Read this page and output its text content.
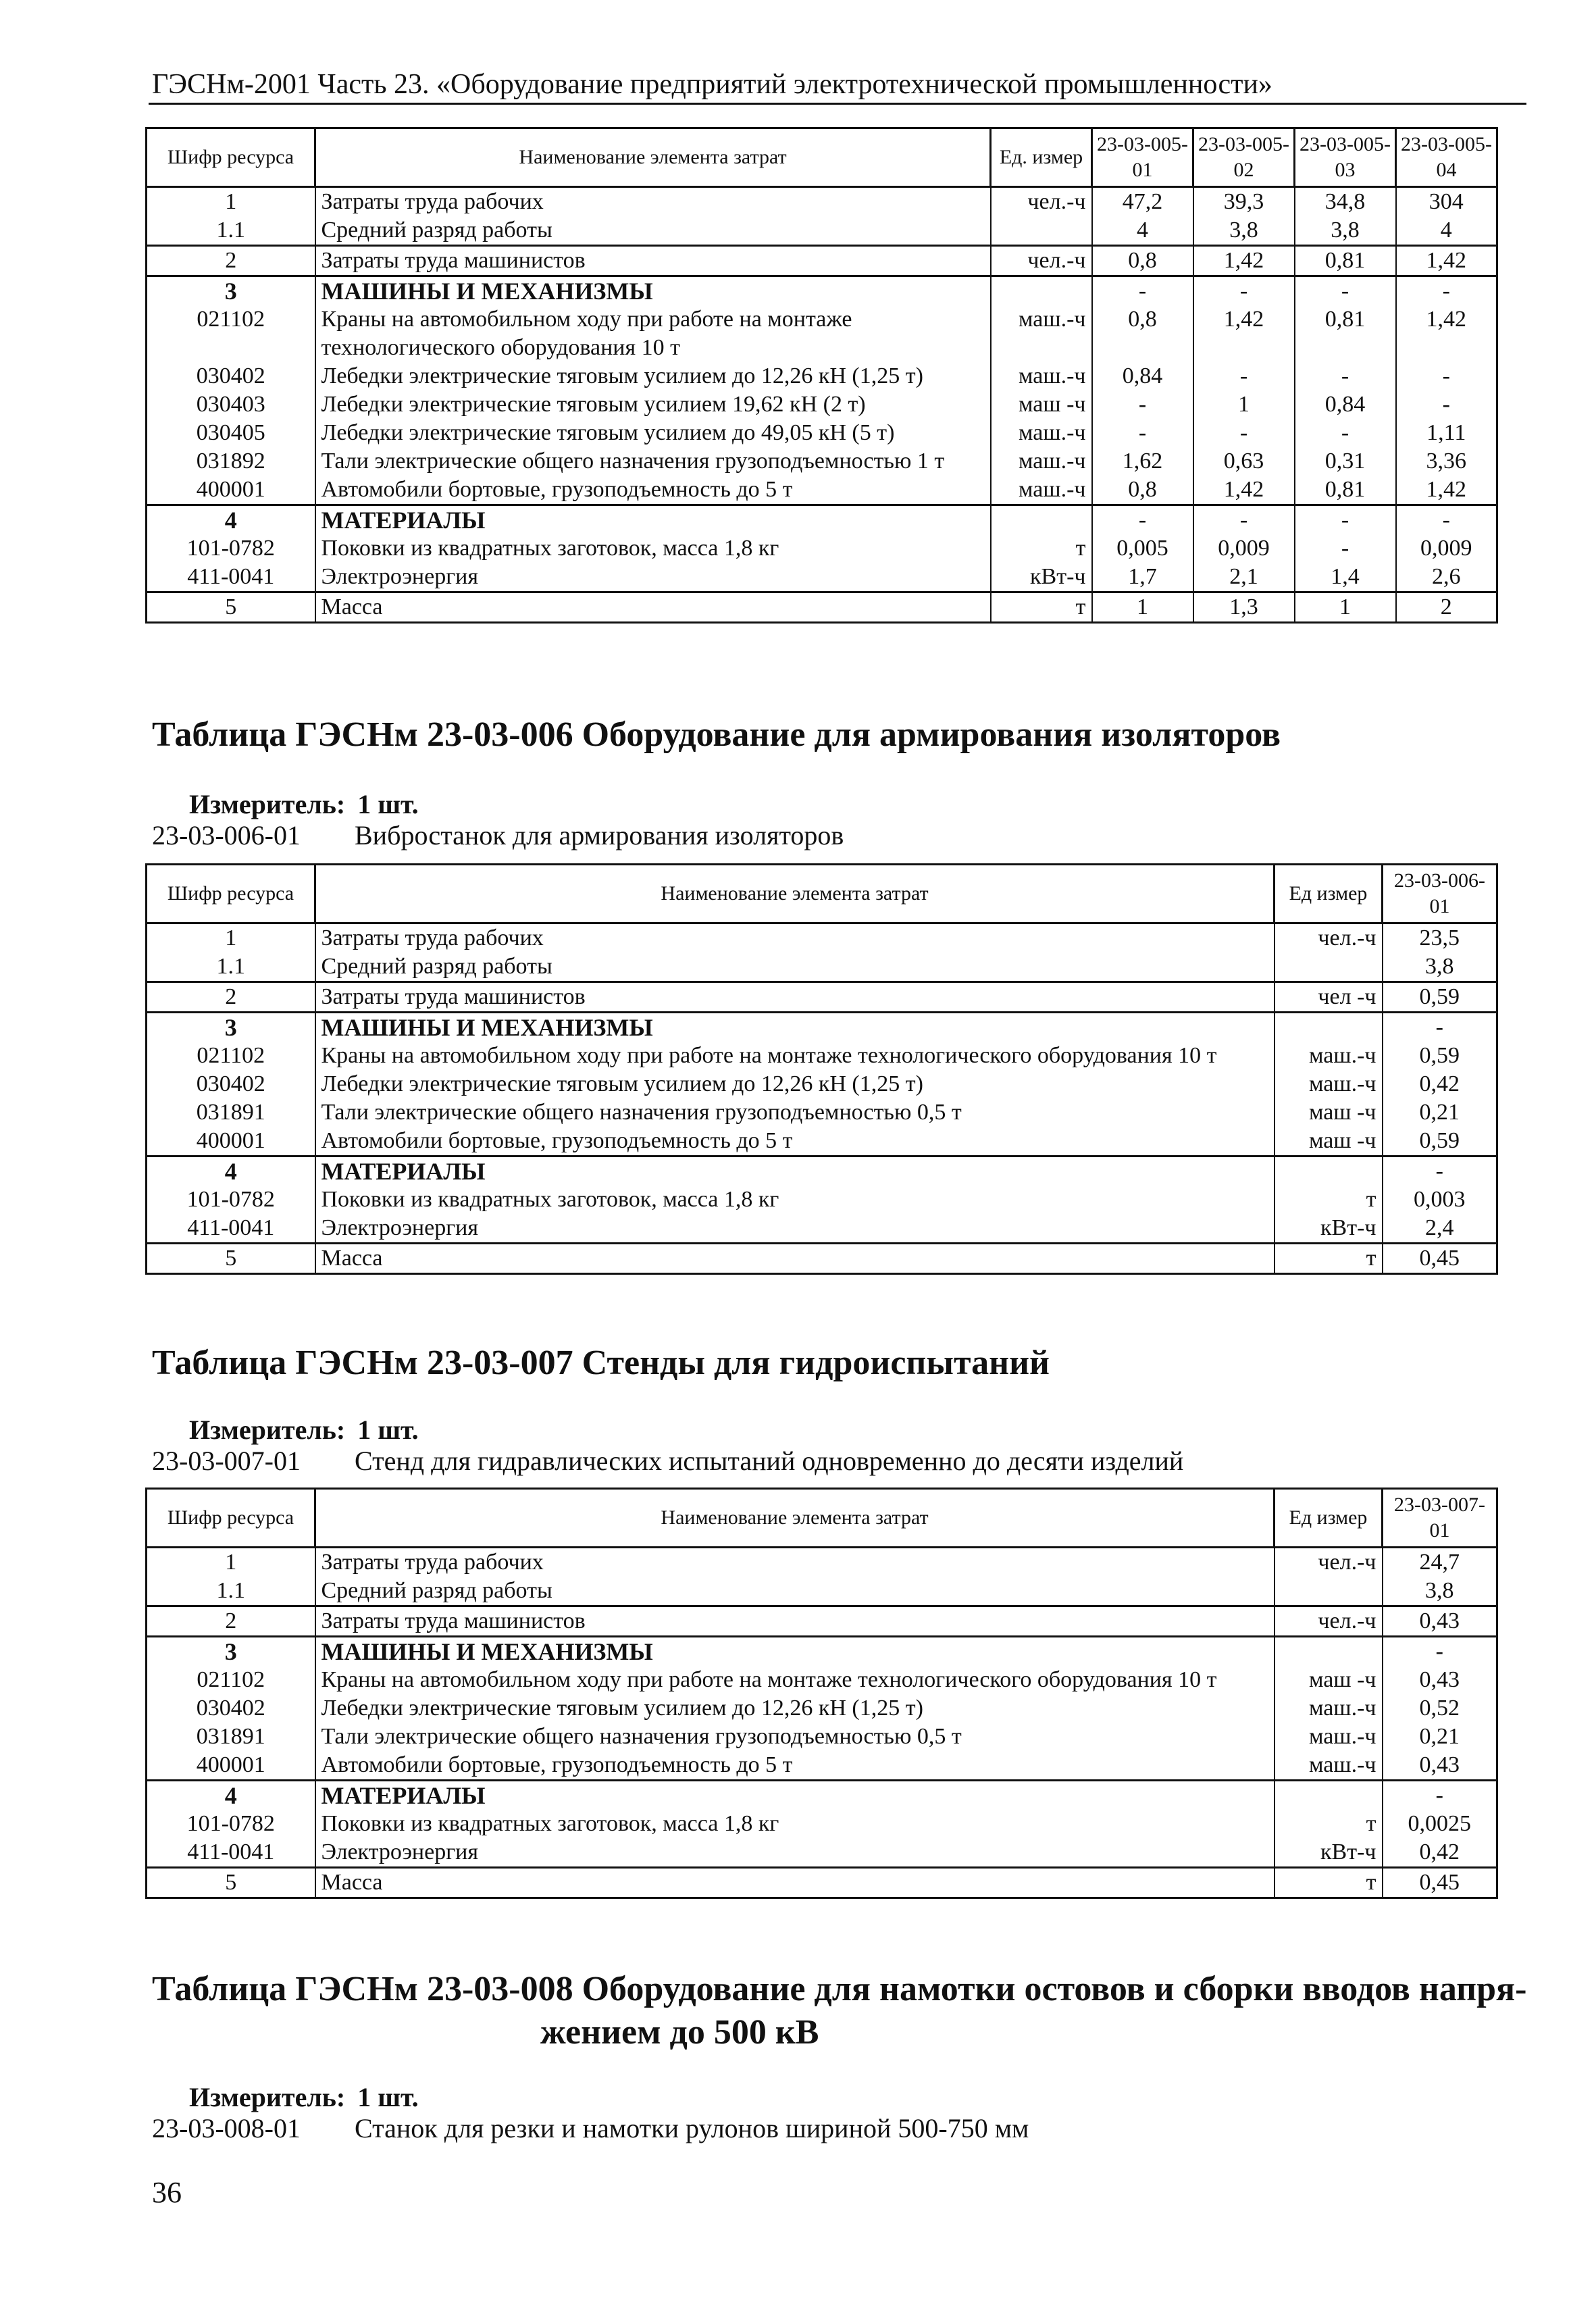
ГЭСНм-2001 Часть 23. «Оборудование предприятий электротехнической промышленности»
Шифр ресурса	Наименование элемента затрат	Ед. измер	23-03-005-01	23-03-005-02	23-03-005-03	23-03-005-04
1	Затраты труда рабочих	чел.-ч	47,2	39,3	34,8	304
1.1	Средний разряд работы		4	3,8	3,8	4
2	Затраты труда машинистов	чел.-ч	0,8	1,42	0,81	1,42
3	МАШИНЫ И МЕХАНИЗМЫ		-	-	-	-
021102	Краны на автомобильном ходу при работе на монтаже технологического оборудования 10 т	маш.-ч	0,8	1,42	0,81	1,42
030402	Лебедки электрические тяговым усилием до 12,26 кН (1,25 т)	маш.-ч	0,84	-	-	-
030403	Лебедки электрические тяговым усилием 19,62 кН (2 т)	маш -ч	-	1	0,84	-
030405	Лебедки электрические тяговым усилием до 49,05 кН (5 т)	маш.-ч	-	-	-	1,11
031892	Тали электрические общего назначения грузоподъемностью 1 т	маш.-ч	1,62	0,63	0,31	3,36
400001	Автомобили бортовые, грузоподъемность до 5 т	маш.-ч	0,8	1,42	0,81	1,42
4	МАТЕРИАЛЫ		-	-	-	-
101-0782	Поковки из квадратных заготовок, масса 1,8 кг	т	0,005	0,009	-	0,009
411-0041	Электроэнергия	кВт-ч	1,7	2,1	1,4	2,6
5	Масса	т	1	1,3	1	2
Таблица ГЭСНм 23-03-006 Оборудование для армирования изоляторов
Измеритель: 1 шт.
23-03-006-01 Вибростанок для армирования изоляторов
Шифр ресурса	Наименование элемента затрат	Ед измер	23-03-006-01
1	Затраты труда рабочих	чел.-ч	23,5
1.1	Средний разряд работы		3,8
2	Затраты труда машинистов	чел -ч	0,59
3	МАШИНЫ И МЕХАНИЗМЫ		-
021102	Краны на автомобильном ходу при работе на монтаже технологического оборудования 10 т	маш.-ч	0,59
030402	Лебедки электрические тяговым усилием до 12,26 кН (1,25 т)	маш.-ч	0,42
031891	Тали электрические общего назначения грузоподъемностью 0,5 т	маш -ч	0,21
400001	Автомобили бортовые, грузоподъемность до 5 т	маш -ч	0,59
4	МАТЕРИАЛЫ		-
101-0782	Поковки из квадратных заготовок, масса 1,8 кг	т	0,003
411-0041	Электроэнергия	кВт-ч	2,4
5	Масса	т	0,45
Таблица ГЭСНм 23-03-007 Стенды для гидроиспытаний
Измеритель: 1 шт.
23-03-007-01 Стенд для гидравлических испытаний одновременно до десяти изделий
Шифр ресурса	Наименование элемента затрат	Ед измер	23-03-007-01
1	Затраты труда рабочих	чел.-ч	24,7
1.1	Средний разряд работы		3,8
2	Затраты труда машинистов	чел.-ч	0,43
3	МАШИНЫ И МЕХАНИЗМЫ		-
021102	Краны на автомобильном ходу при работе на монтаже технологического оборудования 10 т	маш -ч	0,43
030402	Лебедки электрические тяговым усилием до 12,26 кН (1,25 т)	маш.-ч	0,52
031891	Тали электрические общего назначения грузоподъемностью 0,5 т	маш.-ч	0,21
400001	Автомобили бортовые, грузоподъемность до 5 т	маш.-ч	0,43
4	МАТЕРИАЛЫ		-
101-0782	Поковки из квадратных заготовок, масса 1,8 кг	т	0,0025
411-0041	Электроэнергия	кВт-ч	0,42
5	Масса	т	0,45
Таблица ГЭСНм 23-03-008 Оборудование для намотки остовов и сборки вводов напря-
жением до 500 кВ
Измеритель: 1 шт.
23-03-008-01 Станок для резки и намотки рулонов шириной 500-750 мм
36
